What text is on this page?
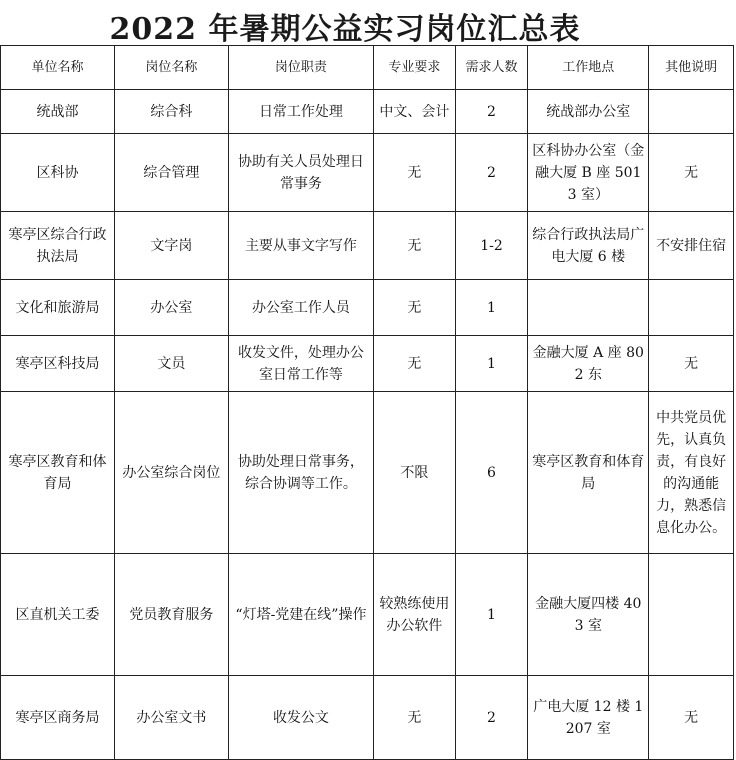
2022 年暑期公益实习岗位汇总表
单位名称	岗位名称	岗位职责	专业要求	需求人数	工作地点	其他说明
统战部	综合科	日常工作处理	中文、会计	2	统战部办公室	
区科协	综合管理	协助有关人员处理日常事务	无	2	区科协办公室（金融大厦 B 座 5013 室）	无
寒亭区综合行政执法局	文字岗	主要从事文字写作	无	1-2	综合行政执法局广电大厦 6 楼	不安排住宿
文化和旅游局	办公室	办公室工作人员	无	1		
寒亭区科技局	文员	收发文件，处理办公室日常工作等	无	1	金融大厦 A 座 802 东	无
寒亭区教育和体育局	办公室综合岗位	协助处理日常事务，综合协调等工作。	不限	6	寒亭区教育和体育局	中共党员优先，认真负责，有良好的沟通能力，熟悉信息化办公。
区直机关工委	党员教育服务	“灯塔-党建在线”操作	较熟练使用办公软件	1	金融大厦四楼 403 室	
寒亭区商务局	办公室文书	收发公文	无	2	广电大厦 12 楼 1207 室	无
